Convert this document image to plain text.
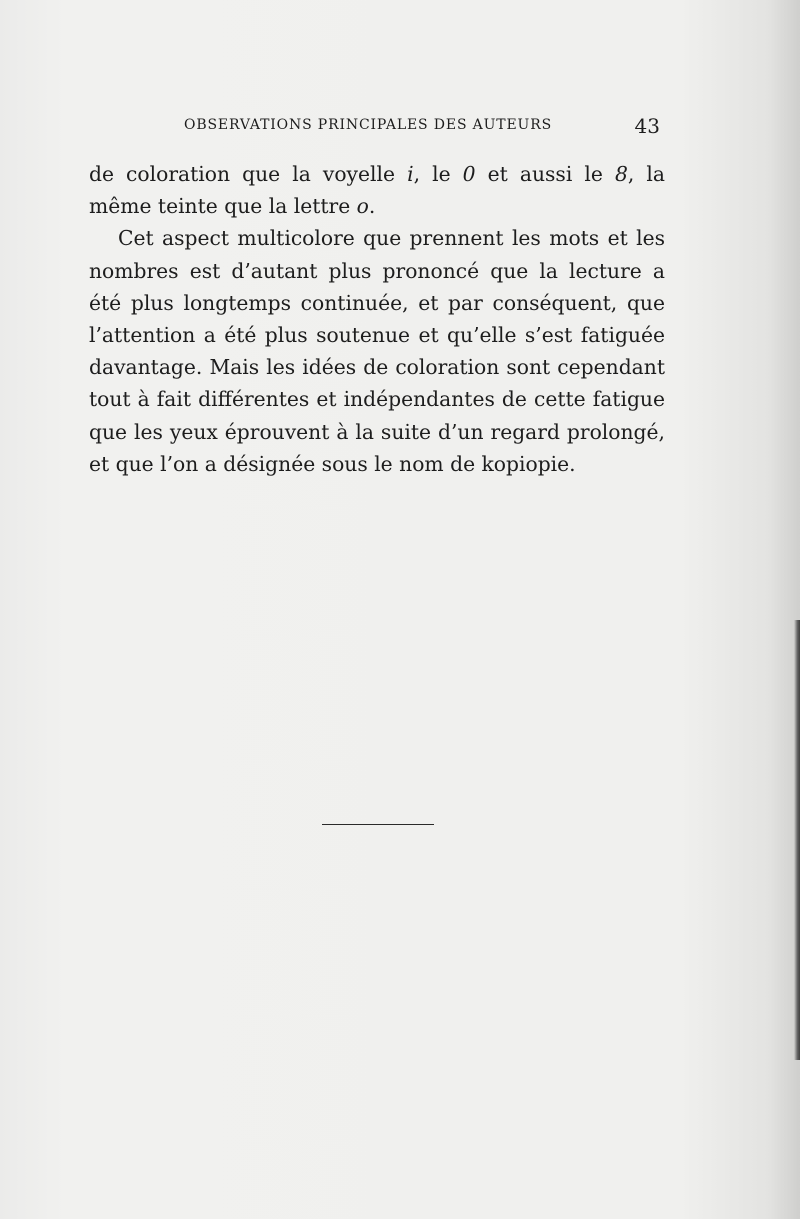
OBSERVATIONS PRINCIPALES DES AUTEURS	43

de coloration que la voyelle i, le 0 et aussi le 8, la même teinte que la lettre o.

Cet aspect multicolore que prennent les mots et les nombres est d’autant plus prononcé que la lecture a été plus longtemps continuée, et par conséquent, que l’attention a été plus soutenue et qu’elle s’est fatiguée davantage. Mais les idées de coloration sont cependant tout à fait différentes et indépendantes de cette fatigue que les yeux éprouvent à la suite d’un regard prolongé, et que l’on a désignée sous le nom de kopiopie.
